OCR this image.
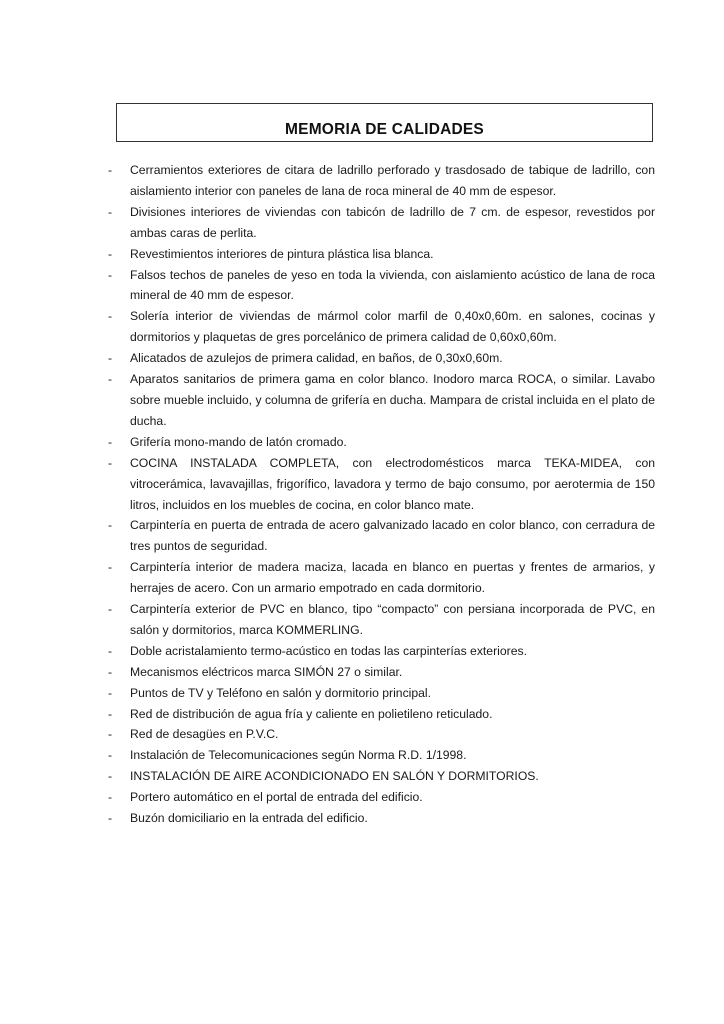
MEMORIA DE CALIDADES
-	Cerramientos exteriores de citara de ladrillo perforado y trasdosado de tabique de ladrillo, con aislamiento interior con paneles de lana de roca mineral de 40 mm de espesor.
-	Divisiones interiores de viviendas con tabicón de ladrillo de 7 cm. de espesor, revestidos por ambas caras de perlita.
-	Revestimientos interiores de pintura plástica lisa blanca.
-	Falsos techos de paneles de yeso en toda la vivienda, con aislamiento acústico de lana de roca mineral de 40 mm de espesor.
-	Solería interior de viviendas de mármol color marfil de 0,40x0,60m. en salones, cocinas y dormitorios y plaquetas de gres porcelánico de primera calidad de 0,60x0,60m.
-	Alicatados de azulejos de primera calidad, en baños, de 0,30x0,60m.
-	Aparatos sanitarios de primera gama en color blanco. Inodoro marca ROCA, o similar. Lavabo sobre mueble incluido, y columna de grifería en ducha. Mampara de cristal incluida en el plato de ducha.
-	Grifería mono-mando de latón cromado.
-	COCINA INSTALADA COMPLETA, con electrodomésticos marca TEKA-MIDEA, con vitrocerámica, lavavajillas, frigorífico, lavadora y termo de bajo consumo, por aerotermia de 150 litros, incluidos en los muebles de cocina, en color blanco mate.
-	Carpintería en puerta de entrada de acero galvanizado lacado en color blanco, con cerradura de tres puntos de seguridad.
-	Carpintería interior de madera maciza, lacada en blanco en puertas y frentes de armarios, y herrajes de acero. Con un armario empotrado en cada dormitorio.
-	Carpintería exterior de PVC en blanco, tipo “compacto” con persiana incorporada de PVC, en salón y dormitorios, marca KOMMERLING.
-	Doble acristalamiento termo-acústico en todas las carpinterías exteriores.
-	Mecanismos eléctricos marca SIMÓN 27 o similar.
-	Puntos de TV y Teléfono en salón y dormitorio principal.
-	Red de distribución de agua fría y caliente en polietileno reticulado.
-	Red de desagües en P.V.C.
-	Instalación de Telecomunicaciones según Norma R.D. 1/1998.
-	INSTALACIÓN DE AIRE ACONDICIONADO EN SALÓN Y DORMITORIOS.
-	Portero automático en el portal de entrada del edificio.
-	Buzón domiciliario en la entrada del edificio.
